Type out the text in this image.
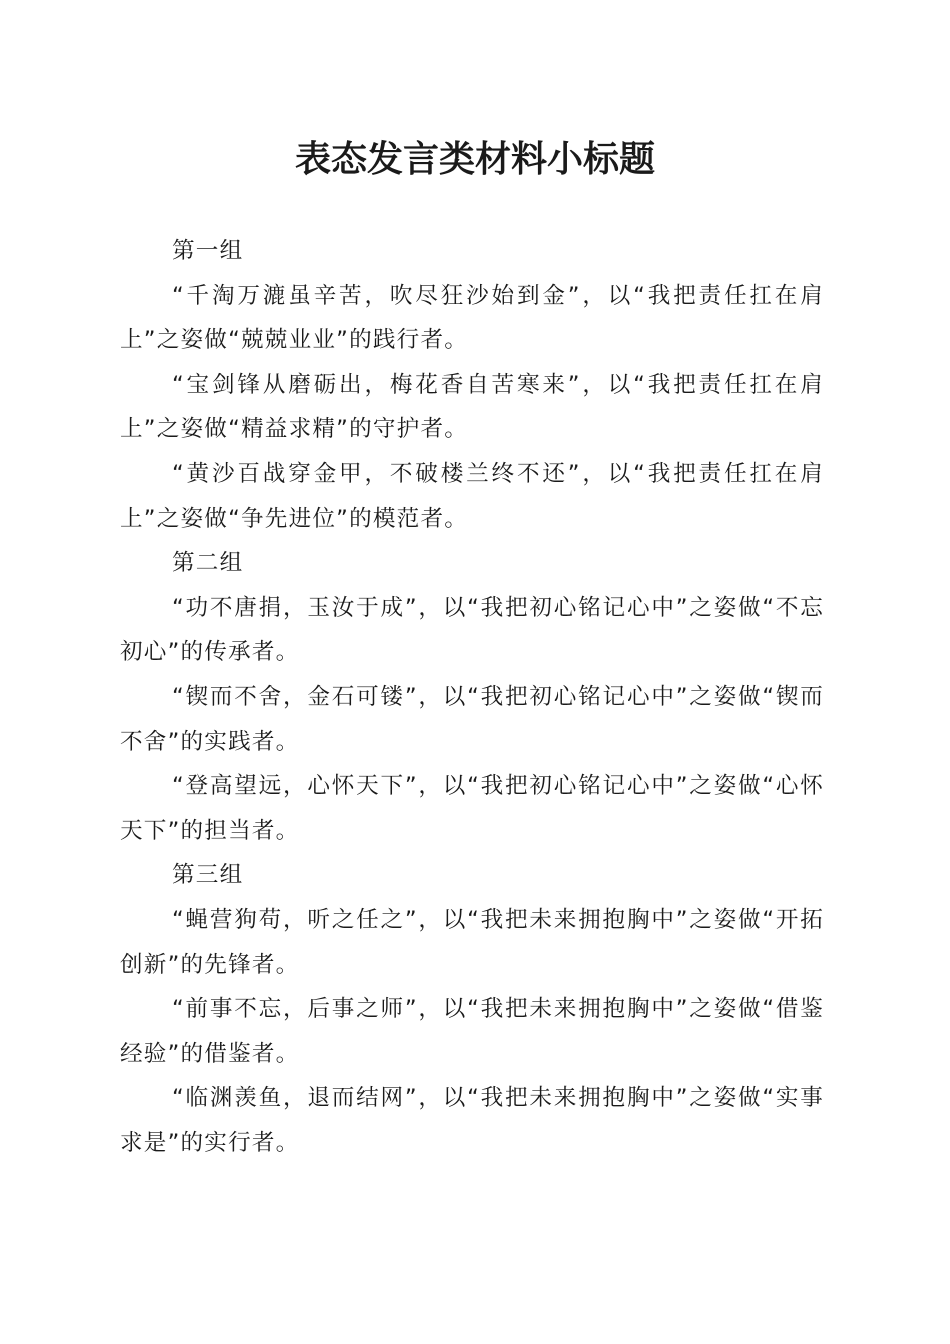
表态发言类材料小标题
第一组

“千淘万漉虽辛苦，吹尽狂沙始到金”，以“我把责任扛在肩上”之姿做“兢兢业业”的践行者。

“宝剑锋从磨砺出，梅花香自苦寒来”，以“我把责任扛在肩上”之姿做“精益求精”的守护者。

“黄沙百战穿金甲，不破楼兰终不还”，以“我把责任扛在肩上”之姿做“争先进位”的模范者。

第二组

“功不唐捐，玉汝于成”，以“我把初心铭记心中”之姿做“不忘初心”的传承者。

“锲而不舍，金石可镂”，以“我把初心铭记心中”之姿做“锲而不舍”的实践者。

“登高望远，心怀天下”，以“我把初心铭记心中”之姿做“心怀天下”的担当者。

第三组

“蝇营狗苟，听之任之”，以“我把未来拥抱胸中”之姿做“开拓创新”的先锋者。

“前事不忘，后事之师”，以“我把未来拥抱胸中”之姿做“借鉴经验”的借鉴者。

“临渊羡鱼，退而结网”，以“我把未来拥抱胸中”之姿做“实事求是”的实行者。
